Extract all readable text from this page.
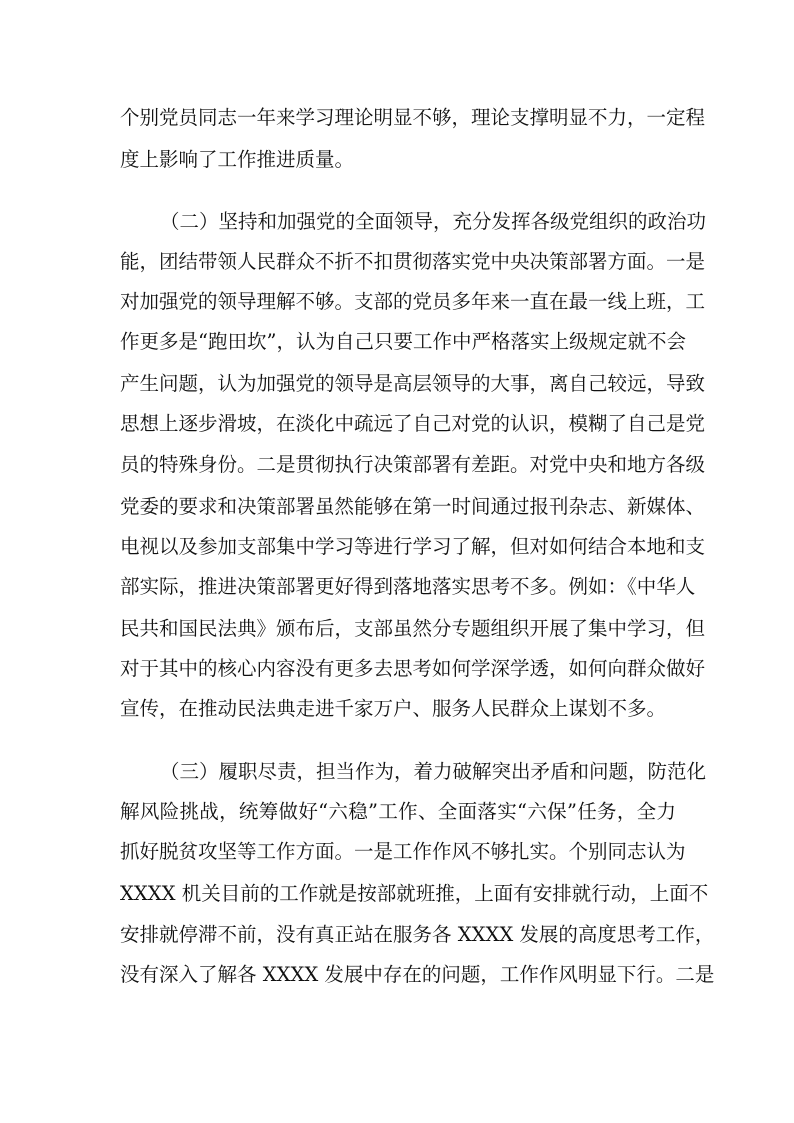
个别党员同志一年来学习理论明显不够，理论支撑明显不力，一定程
度上影响了工作推进质量。
（二）坚持和加强党的全面领导，充分发挥各级党组织的政治功
能，团结带领人民群众不折不扣贯彻落实党中央决策部署方面。一是
对加强党的领导理解不够。支部的党员多年来一直在最一线上班，工
作更多是“跑田坎”，认为自己只要工作中严格落实上级规定就不会
产生问题，认为加强党的领导是高层领导的大事，离自己较远，导致
思想上逐步滑坡，在淡化中疏远了自己对党的认识，模糊了自己是党
员的特殊身份。二是贯彻执行决策部署有差距。对党中央和地方各级
党委的要求和决策部署虽然能够在第一时间通过报刊杂志、新媒体、
电视以及参加支部集中学习等进行学习了解，但对如何结合本地和支
部实际，推进决策部署更好得到落地落实思考不多。例如：《中华人
民共和国民法典》颁布后，支部虽然分专题组织开展了集中学习，但
对于其中的核心内容没有更多去思考如何学深学透，如何向群众做好
宣传，在推动民法典走进千家万户、服务人民群众上谋划不多。
（三）履职尽责，担当作为，着力破解突出矛盾和问题，防范化
解风险挑战，统筹做好“六稳”工作、全面落实“六保”任务，全力
抓好脱贫攻坚等工作方面。一是工作作风不够扎实。个别同志认为
XXXX 机关目前的工作就是按部就班推，上面有安排就行动，上面不
安排就停滞不前，没有真正站在服务各 XXXX 发展的高度思考工作，
没有深入了解各 XXXX 发展中存在的问题，工作作风明显下行。二是
